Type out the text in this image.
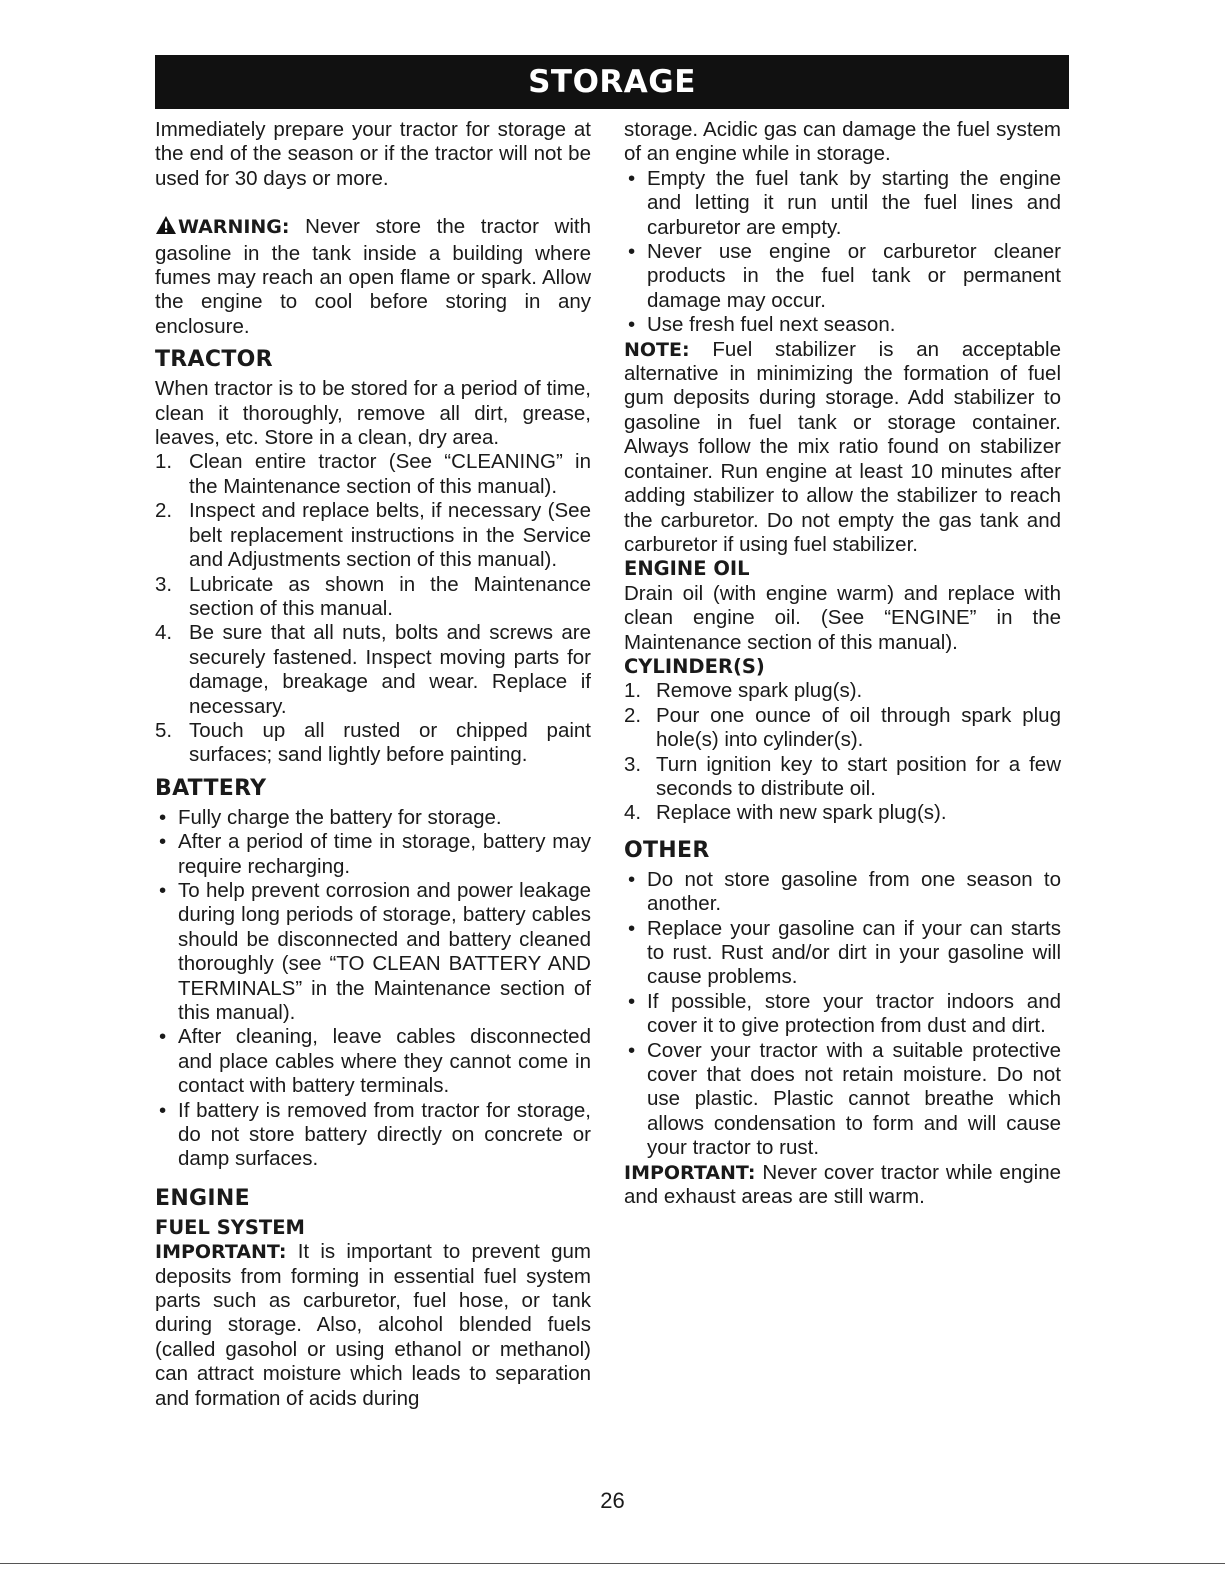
STORAGE

Immediately prepare your tractor for storage at the end of the season or if the tractor will not be used for 30 days or more.

WARNING: Never store the tractor with gasoline in the tank inside a building where fumes may reach an open flame or spark. Allow the engine to cool before storing in any enclosure.

TRACTOR

When tractor is to be stored for a period of time, clean it thoroughly, remove all dirt, grease, leaves, etc. Store in a clean, dry area.

1. Clean entire tractor (See “CLEANING” in the Maintenance section of this manual).
2. Inspect and replace belts, if necessary (See belt replacement instructions in the Service and Adjustments section of this manual).
3. Lubricate as shown in the Maintenance section of this manual.
4. Be sure that all nuts, bolts and screws are securely fastened. Inspect moving parts for damage, breakage and wear. Replace if necessary.
5. Touch up all rusted or chipped paint surfaces; sand lightly before painting.
BATTERY
• Fully charge the battery for storage.
• After a period of time in storage, battery may require recharging.
• To help prevent corrosion and power leakage during long periods of storage, battery cables should be disconnected and battery cleaned thoroughly (see “TO CLEAN BATTERY AND TERMINALS” in the Maintenance section of this manual).
• After cleaning, leave cables disconnected and place cables where they cannot come in contact with battery terminals.
• If battery is removed from tractor for storage, do not store battery directly on concrete or damp surfaces.
ENGINE
FUEL SYSTEM

IMPORTANT: It is important to prevent gum deposits from forming in essential fuel system parts such as carburetor, fuel hose, or tank during storage. Also, alcohol blended fuels (called gasohol or using ethanol or methanol) can attract moisture which leads to separation and formation of acids during

storage. Acidic gas can damage the fuel system of an engine while in storage.

• Empty the fuel tank by starting the engine and letting it run until the fuel lines and carburetor are empty.
• Never use engine or carburetor cleaner products in the fuel tank or permanent damage may occur.
• Use fresh fuel next season.

NOTE: Fuel stabilizer is an acceptable alternative in minimizing the formation of fuel gum deposits during storage. Add stabilizer to gasoline in fuel tank or storage container. Always follow the mix ratio found on stabilizer container. Run engine at least 10 minutes after adding stabilizer to allow the stabilizer to reach the carburetor. Do not empty the gas tank and carburetor if using fuel stabilizer.

ENGINE OIL

Drain oil (with engine warm) and replace with clean engine oil. (See “ENGINE” in the Maintenance section of this manual).

CYLINDER(S)
1. Remove spark plug(s).
2. Pour one ounce of oil through spark plug hole(s) into cylinder(s).
3. Turn ignition key to start position for a few seconds to distribute oil.
4. Replace with new spark plug(s).
OTHER
• Do not store gasoline from one season to another.
• Replace your gasoline can if your can starts to rust. Rust and/or dirt in your gasoline will cause problems.
• If possible, store your tractor indoors and cover it to give protection from dust and dirt.
• Cover your tractor with a suitable protective cover that does not retain moisture. Do not use plastic. Plastic cannot breathe which allows condensation to form and will cause your tractor to rust.

IMPORTANT: Never cover tractor while engine and exhaust areas are still warm.

26
